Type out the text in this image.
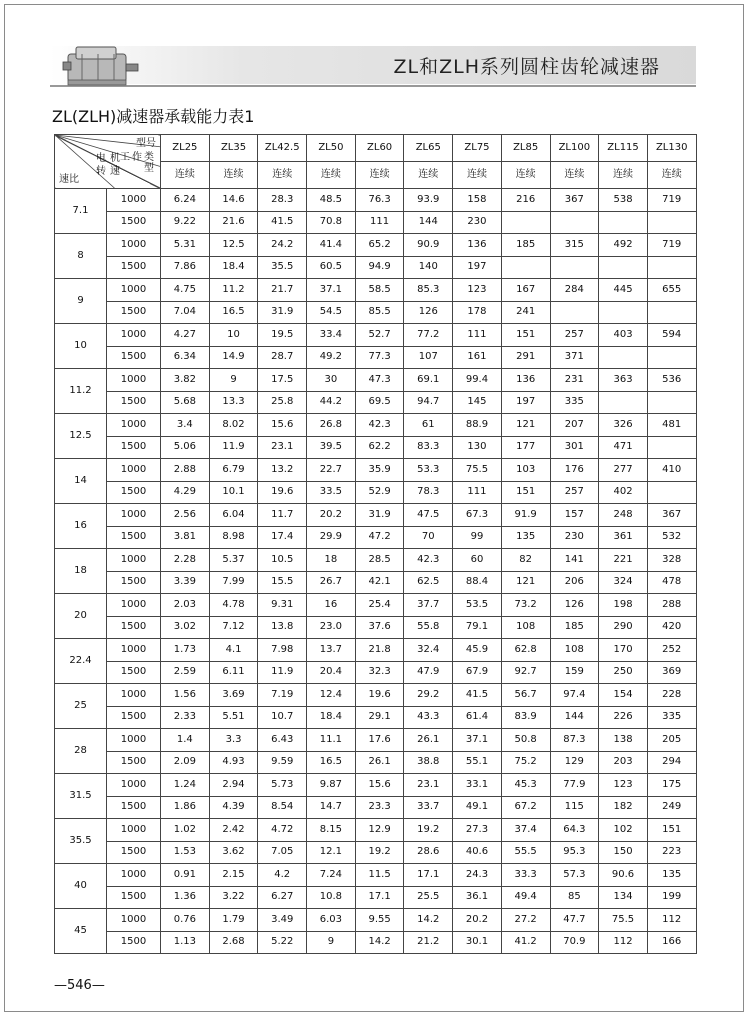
ZL和ZLH系列圆柱齿轮减速器
ZL(ZLH)减速器承载能力表1
型号
工作类型
电机转速
速比		ZL25	ZL35	ZL42.5	ZL50	ZL60	ZL65	ZL75	ZL85	ZL100	ZL115	ZL130
		连续	连续	连续	连续	连续	连续	连续	连续	连续	连续	连续
7.1	1000	6.24	14.6	28.3	48.5	76.3	93.9	158	216	367	538	719
	1500	9.22	21.6	41.5	70.8	111	144	230				
8	1000	5.31	12.5	24.2	41.4	65.2	90.9	136	185	315	492	719
	1500	7.86	18.4	35.5	60.5	94.9	140	197				
9	1000	4.75	11.2	21.7	37.1	58.5	85.3	123	167	284	445	655
	1500	7.04	16.5	31.9	54.5	85.5	126	178	241			
10	1000	4.27	10	19.5	33.4	52.7	77.2	111	151	257	403	594
	1500	6.34	14.9	28.7	49.2	77.3	107	161	291	371		
11.2	1000	3.82	9	17.5	30	47.3	69.1	99.4	136	231	363	536
	1500	5.68	13.3	25.8	44.2	69.5	94.7	145	197	335		
12.5	1000	3.4	8.02	15.6	26.8	42.3	61	88.9	121	207	326	481
	1500	5.06	11.9	23.1	39.5	62.2	83.3	130	177	301	471	
14	1000	2.88	6.79	13.2	22.7	35.9	53.3	75.5	103	176	277	410
	1500	4.29	10.1	19.6	33.5	52.9	78.3	111	151	257	402	
16	1000	2.56	6.04	11.7	20.2	31.9	47.5	67.3	91.9	157	248	367
	1500	3.81	8.98	17.4	29.9	47.2	70	99	135	230	361	532
18	1000	2.28	5.37	10.5	18	28.5	42.3	60	82	141	221	328
	1500	3.39	7.99	15.5	26.7	42.1	62.5	88.4	121	206	324	478
20	1000	2.03	4.78	9.31	16	25.4	37.7	53.5	73.2	126	198	288
	1500	3.02	7.12	13.8	23.0	37.6	55.8	79.1	108	185	290	420
22.4	1000	1.73	4.1	7.98	13.7	21.8	32.4	45.9	62.8	108	170	252
	1500	2.59	6.11	11.9	20.4	32.3	47.9	67.9	92.7	159	250	369
25	1000	1.56	3.69	7.19	12.4	19.6	29.2	41.5	56.7	97.4	154	228
	1500	2.33	5.51	10.7	18.4	29.1	43.3	61.4	83.9	144	226	335
28	1000	1.4	3.3	6.43	11.1	17.6	26.1	37.1	50.8	87.3	138	205
	1500	2.09	4.93	9.59	16.5	26.1	38.8	55.1	75.2	129	203	294
31.5	1000	1.24	2.94	5.73	9.87	15.6	23.1	33.1	45.3	77.9	123	175
	1500	1.86	4.39	8.54	14.7	23.3	33.7	49.1	67.2	115	182	249
35.5	1000	1.02	2.42	4.72	8.15	12.9	19.2	27.3	37.4	64.3	102	151
	1500	1.53	3.62	7.05	12.1	19.2	28.6	40.6	55.5	95.3	150	223
40	1000	0.91	2.15	4.2	7.24	11.5	17.1	24.3	33.3	57.3	90.6	135
	1500	1.36	3.22	6.27	10.8	17.1	25.5	36.1	49.4	85	134	199
45	1000	0.76	1.79	3.49	6.03	9.55	14.2	20.2	27.2	47.7	75.5	112
	1500	1.13	2.68	5.22	9	14.2	21.2	30.1	41.2	70.9	112	166
—546—
